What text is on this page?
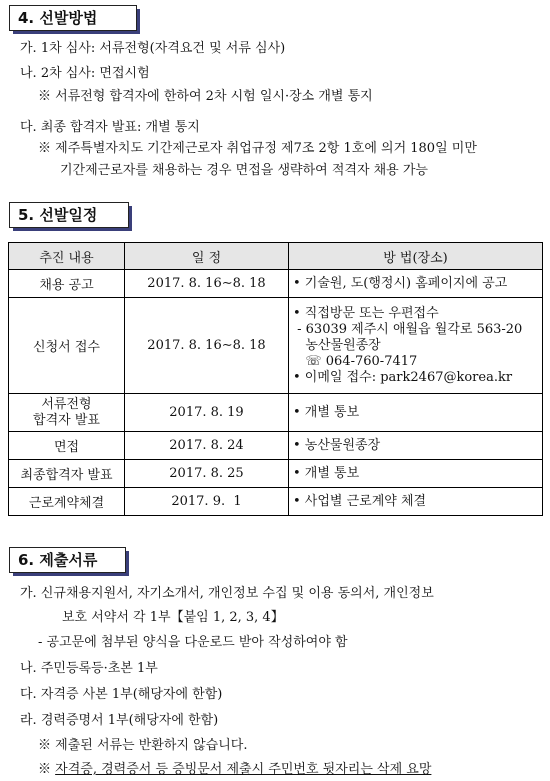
4. 선발방법
가. 1차 심사: 서류전형(자격요건 및 서류 심사)
나. 2차 심사: 면접시험
※ 서류전형 합격자에 한하여 2차 시험 일시·장소 개별 통지
다. 최종 합격자 발표: 개별 통지
※ 제주특별자치도 기간제근로자 취업규정 제7조 2항 1호에 의거 180일 미만
기간제근로자를 채용하는 경우 면접을 생략하여 적격자 채용 가능
5. 선발일정
추진 내용	일 정	방 법(장소)
채용 공고	2017. 8. 16∼8. 18	• 기술원, 도(행정시) 홈페이지에 공고

신청서 접수	2017. 8. 16∼8. 18	• 직접방문 또는 우편접수
- 63039 제주시 애월읍 월각로 563-20
농산물원종장
☏ 064-760-7417
• 이메일 접수: park2467@korea.kr

서류전형
합격자 발표	2017. 8. 19	• 개별 통보

면접	2017. 8. 24	• 농산물원종장

최종합격자 발표	2017. 8. 25	• 개별 통보

근로계약체결	2017. 9.  1	• 사업별 근로계약 체결
6. 제출서류
가. 신규채용지원서, 자기소개서, 개인정보 수집 및 이용 동의서, 개인정보
보호 서약서 각 1부【붙임 1, 2, 3, 4】
- 공고문에 첨부된 양식을 다운로드 받아 작성하여야 함
나. 주민등록등·초본 1부
다. 자격증 사본 1부(해당자에 한함)
라. 경력증명서 1부(해당자에 한함)
※ 제출된 서류는 반환하지 않습니다.
※ 자격증, 경력증서 등 증빙문서 제출시 주민번호 뒷자리는 삭제 요망
